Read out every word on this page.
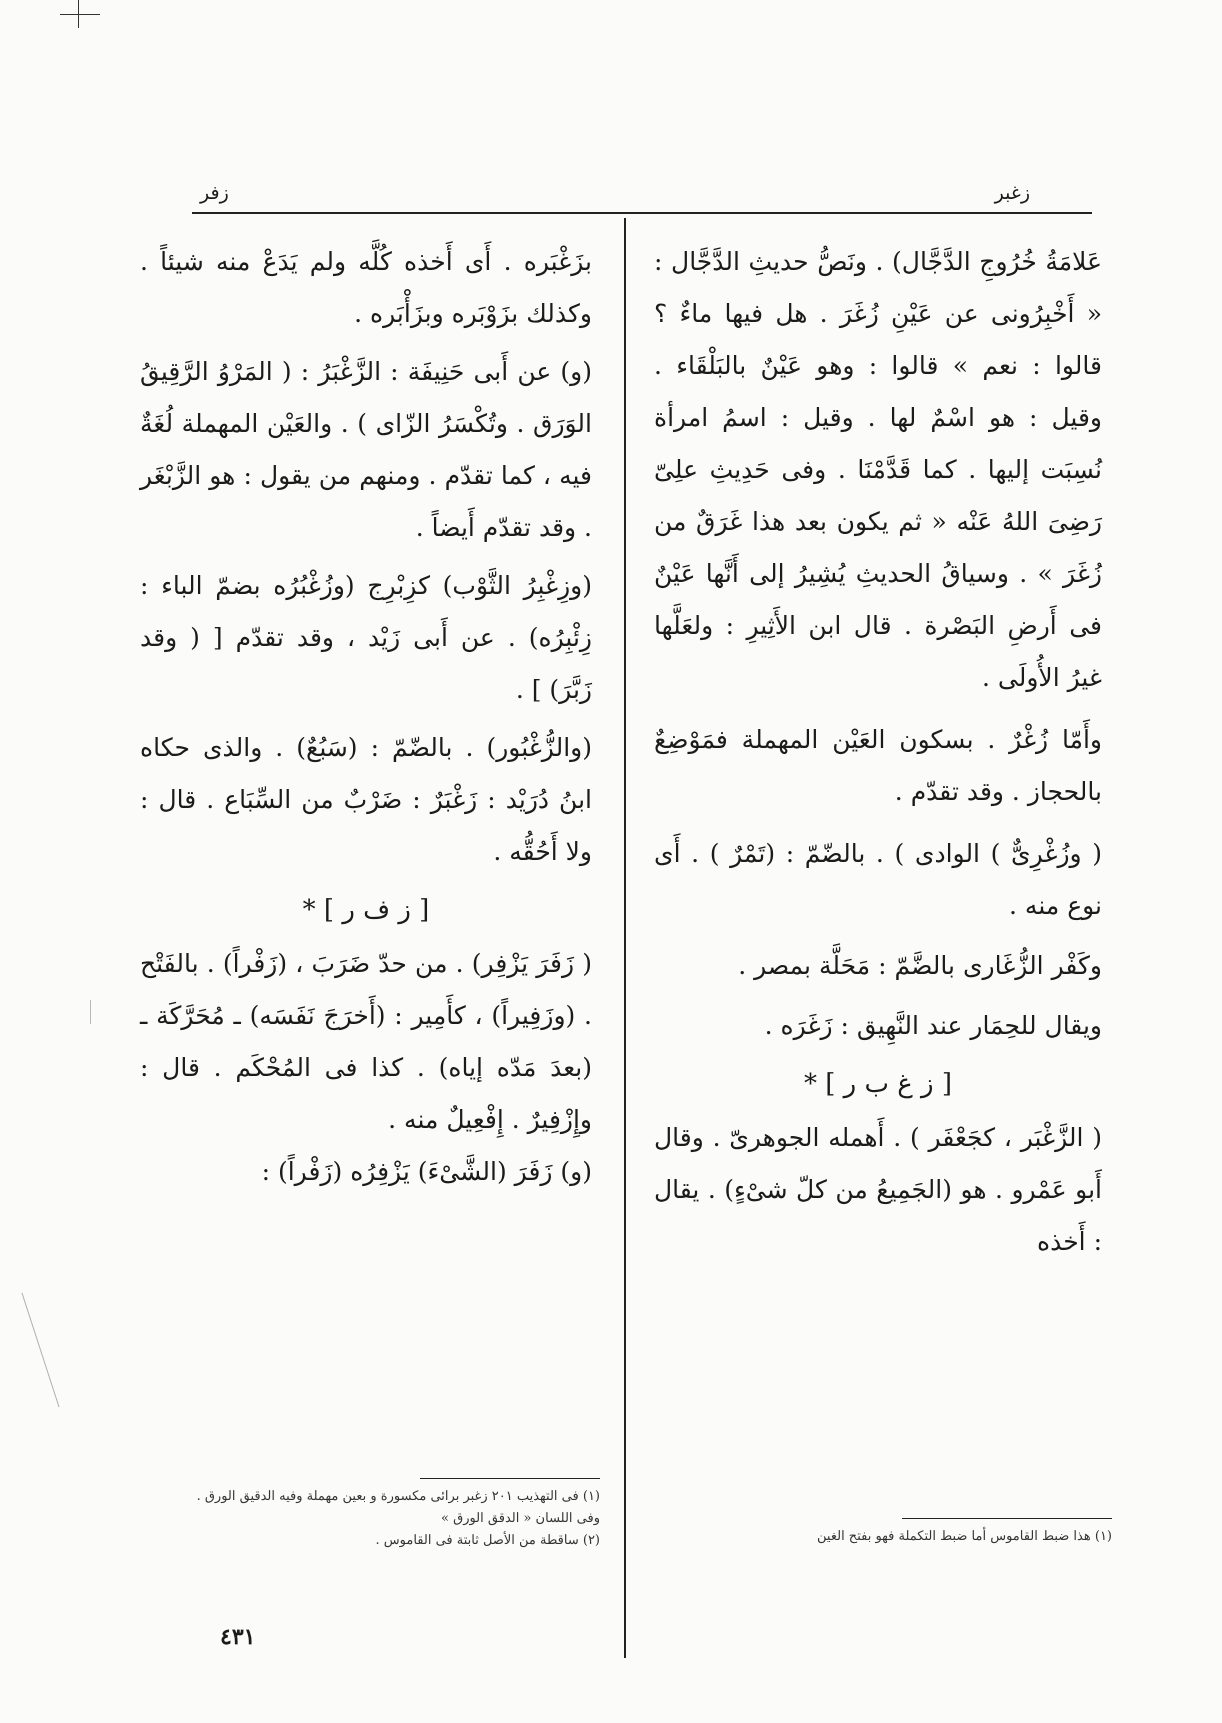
زغبر
زفر

عَلامَةُ خُرُوجِ الدَّجَّال) . ونَصُّ حديثِ الدَّجَّال : « أَخْبِرُونى عن عَيْنِ زُغَرَ . هل فيها ماءٌ ؟ قالوا : نعم » قالوا : وهو عَيْنٌ بالبَلْقَاء . وقيل : هو اسْمٌ لها . وقيل : اسمُ امرأة نُسِبَت إليها . كما قَدَّمْنَا . وفى حَدِيثِ علِىّ رَضِىَ اللهُ عَنْه « ثم يكون بعد هذا غَرَقٌ من زُغَرَ » . وسياقُ الحديثِ يُشِيرُ إلى أَنَّها عَيْنٌ فى أَرضِ البَصْرة . قال ابن الأَثِيرِ : ولعَلَّها غيرُ الأُولَى .

وأَمّا زُغْرٌ . بسكون العَيْن المهملة فمَوْضِعٌ بالحجاز . وقد تقدّم .

( وزُغْرِىٌّ ) الوادى ) . بالضّمّ : (تَمْرٌ ) . أَى نوع منه .

وكَفْر الزُّغَارى بالضَّمّ : مَحَلَّة بمصر .

ويقال للحِمَار عند النَّهِيق : زَغَرَه .

[ ز غ ب ر ] *

( الزَّغْبَر ، كجَعْفَر ) . أَهمله الجوهرىّ . وقال أَبو عَمْرو . هو (الجَمِيعُ من كلّ شىْءٍ) . يقال : أَخذه

بزَغْبَره . أَى أَخذه كُلَّه ولم يَدَعْ منه شيئاً . وكذلك بزَوْبَره وبزَأْبَره .

(و) عن أَبى حَنِيفَة : الزَّغْبَرُ : ( المَرْوُ الرَّقِيقُ الوَرَق . وتُكْسَرُ الزّاى ) . والعَيْن المهملة لُغَةٌ فيه ، كما تقدّم . ومنهم من يقول : هو الزَّبْغَر . وقد تقدّم أَيضاً .

(وزِغْبِرُ الثَّوْب) كزِبْرِج (وزُغْبُرُه بضمّ الباء : زِئْبِرُه) . عن أَبى زَيْد ، وقد تقدّم [ ( وقد زَبَّرَ) ] .

(والزُّغْبُور) . بالضّمّ : (سَبُعٌ) . والذى حكاه ابنُ دُرَيْد : زَغْبَرٌ : ضَرْبٌ من السِّبَاع . قال : ولا أَحُقُّه .

[ ز ف ر ] *

( زَفَرَ يَزْفِر) . من حدّ ضَرَبَ ، (زَفْراً) . بالفَتْح . (وزَفِيراً) ، كأَمِير : (أَخرَجَ نَفَسَه) ـ مُحَرَّكَة ـ (بعدَ مَدّه إياه) . كذا فى المُحْكَم . قال : وإِزْفِيرٌ . إِفْعِيلٌ منه .

(و) زَفَرَ (الشَّىْءَ) يَزْفِرُه (زَفْراً) :

(١) هذا ضبط القاموس أما ضبط التكملة فهو بفتح الغين
(١) فى التهذيب ٢٠١ زغبر برائى مكسورة و بعين مهملة وفيه الدقيق الورق . وفى اللسان « الدقق الورق »
(٢) ساقطة من الأصل ثابتة فى القاموس .
٤٣١
